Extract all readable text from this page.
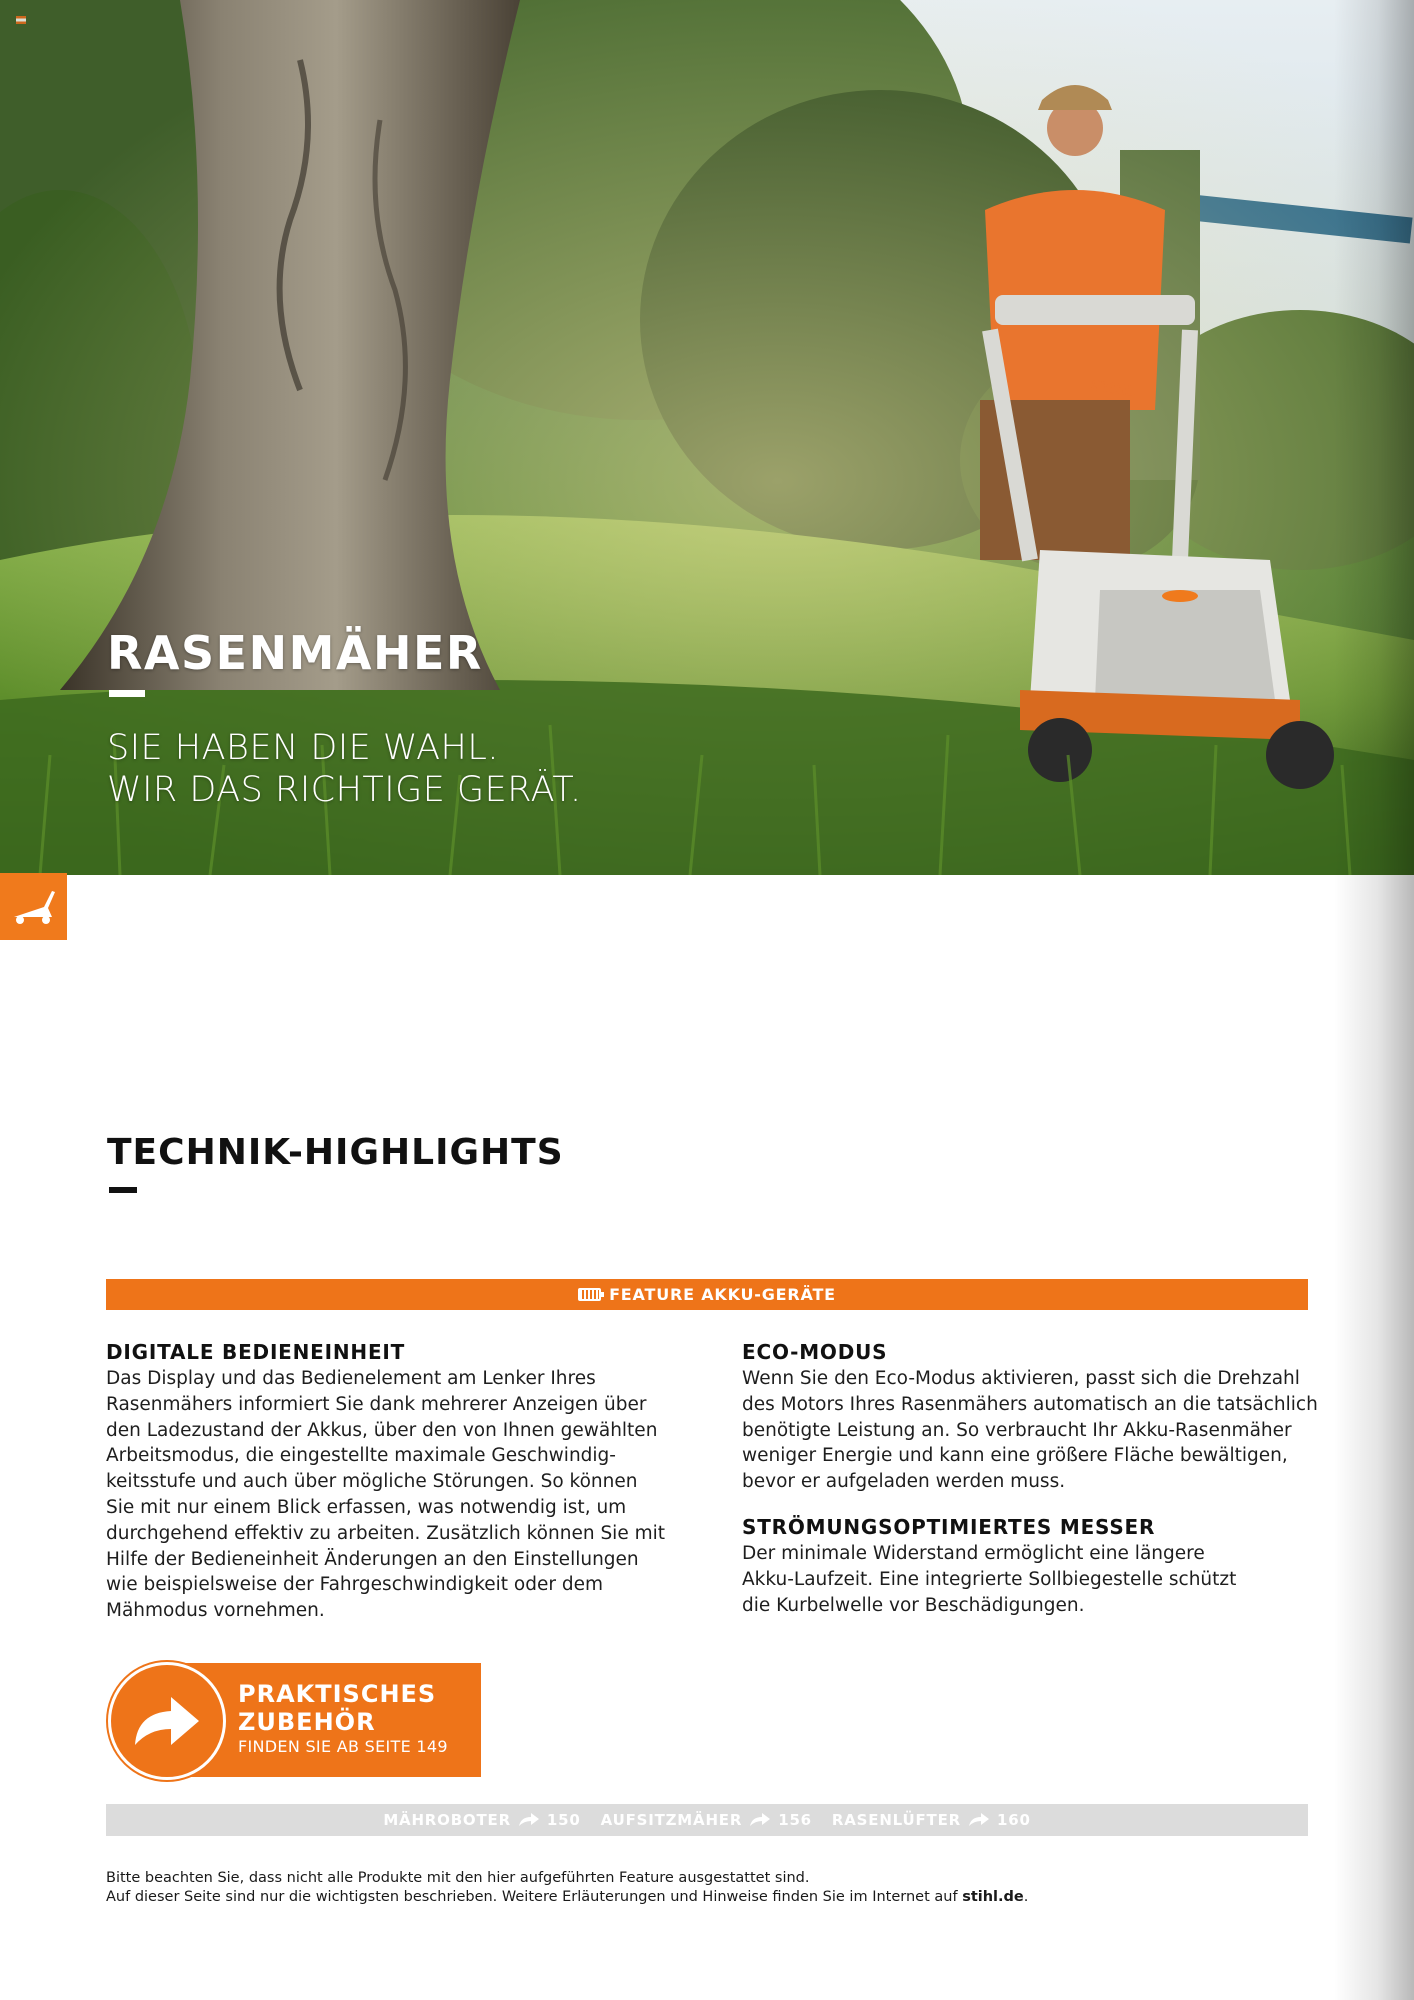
STIHL
RASENMÄHER
SIE HABEN DIE WAHL.
WIR DAS RICHTIGE GERÄT.
TECHNIK-HIGHLIGHTS
FEATURE AKKU-GERÄTE
DIGITALE BEDIENEINHEIT

Das Display und das Bedienelement am Lenker Ihres
Rasenmähers informiert Sie dank mehrerer Anzeigen über
den Ladezustand der Akkus, über den von Ihnen gewählten
Arbeitsmodus, die eingestellte maximale Geschwindig-
keitsstufe und auch über mögliche Störungen. So können
Sie mit nur einem Blick erfassen, was notwendig ist, um
durchgehend effektiv zu arbeiten. Zusätzlich können Sie mit
Hilfe der Bedieneinheit Änderungen an den Einstellungen
wie beispielsweise der Fahrgeschwindigkeit oder dem
Mähmodus vornehmen.

ECO-MODUS

Wenn Sie den Eco-Modus aktivieren, passt sich die Drehzahl
des Motors Ihres Rasenmähers automatisch an die tatsächlich
benötigte Leistung an. So verbraucht Ihr Akku-Rasenmäher
weniger Energie und kann eine größere Fläche bewältigen,
bevor er aufgeladen werden muss.

STRÖMUNGSOPTIMIERTES MESSER

Der minimale Widerstand ermöglicht eine längere
Akku-Laufzeit. Eine integrierte Sollbiegestelle schützt
die Kurbelwelle vor Beschädigungen.

PRAKTISCHES
ZUBEHÖR
FINDEN SIE AB SEITE 149
MÄHROBOTER 150 AUFSITZMÄHER 156 RASENLÜFTER 160
Bitte beachten Sie, dass nicht alle Produkte mit den hier aufgeführten Feature ausgestattet sind.
Auf dieser Seite sind nur die wichtigsten beschrieben. Weitere Erläuterungen und Hinweise finden Sie im Internet auf stihl.de.
